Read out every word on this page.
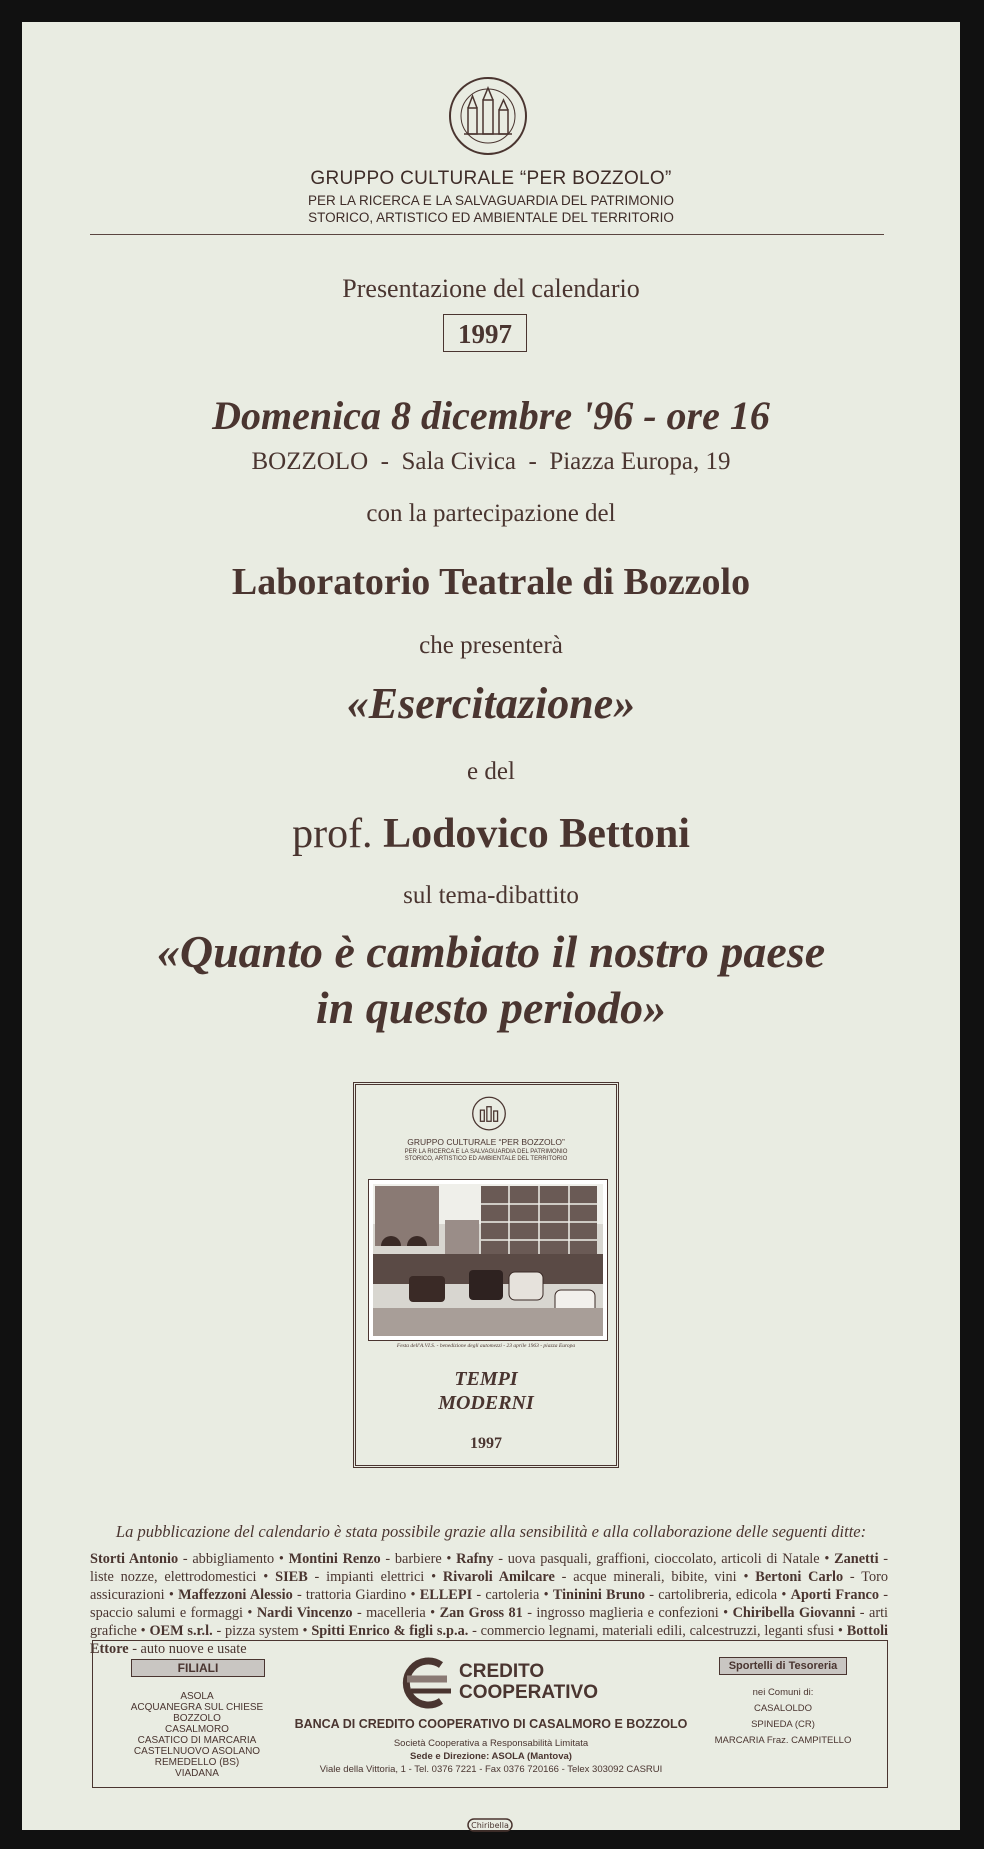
GRUPPO CULTURALE “PER BOZZOLO”
PER LA RICERCA E LA SALVAGUARDIA DEL PATRIMONIO
STORICO, ARTISTICO ED AMBIENTALE DEL TERRITORIO
Presentazione del calendario
1997
Domenica 8 dicembre '96 - ore 16
BOZZOLO  -  Sala Civica  -  Piazza Europa, 19
con la partecipazione del
Laboratorio Teatrale di Bozzolo
che presenterà
«Esercitazione»
e del
prof. Lodovico Bettoni
sul tema-dibattito
«Quanto è cambiato il nostro paese
in questo periodo»
GRUPPO CULTURALE “PER BOZZOLO”
PER LA RICERCA E LA SALVAGUARDIA DEL PATRIMONIO
STORICO, ARTISTICO ED AMBIENTALE DEL TERRITORIO
Festa dell'A.VI.S. - benedizione degli automezzi - 23 aprile 1963 - piazza Europa
TEMPI
MODERNI
1997
La pubblicazione del calendario è stata possibile grazie alla sensibilità e alla collaborazione delle seguenti ditte:
Storti Antonio - abbigliamento • Montini Renzo - barbiere • Rafny - uova pasquali, graffioni, cioccolato, articoli di Natale • Zanetti - liste nozze, elettrodomestici • SIEB - impianti elettrici • Rivaroli Amilcare - acque minerali, bibite, vini • Bertoni Carlo - Toro assicurazioni • Maffezzoni Alessio - trattoria Giardino • ELLEPI - cartoleria • Tininini Bruno - cartolibreria, edicola • Aporti Franco - spaccio salumi e formaggi • Nardi Vincenzo - macelleria • Zan Gross 81 - ingrosso maglieria e confezioni • Chiribella Giovanni - arti grafiche • OEM s.r.l. - pizza system • Spitti Enrico & figli s.p.a. - commercio legnami, materiali edili, calcestruzzi, leganti sfusi • Bottoli Ettore - auto nuove e usate
FILIALI
ASOLA
ACQUANEGRA SUL CHIESE
BOZZOLO
CASALMORO
CASATICO DI MARCARIA
CASTELNUOVO ASOLANO
REMEDELLO (BS)
VIADANA
CREDITO
COOPERATIVO
BANCA DI CREDITO COOPERATIVO DI CASALMORO E BOZZOLO
Società Cooperativa a Responsabilità Limitata
Sede e Direzione: ASOLA (Mantova)
Viale della Vittoria, 1 - Tel. 0376 7221 - Fax 0376 720166 - Telex 303092 CASRUI
Sportelli di Tesoreria
nei Comuni di:
CASALOLDO
SPINEDA (CR)
MARCARIA Fraz. CAMPITELLO
Chiribella
